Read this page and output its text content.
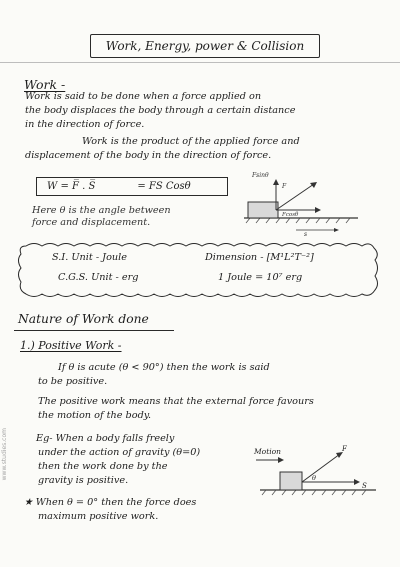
Work, Energy, power & Collision
Work -
Work is said to be done when a force applied on
the body displaces the body through a certain distance
in the direction of force.
Work is the product of the applied force and
displacement of the body in the direction of force.
W = F̅ . S̅	= FS Cosθ
Here θ is the angle between
force and displacement.
Fsinθ
F
Fcosθ
s
S.I. Unit - Joule
C.G.S. Unit - erg
Dimension - [M¹L²T⁻²]
1 Joule = 10⁷ erg
Nature of Work done
1.) Positive Work -
If θ is acute (θ < 90°) then the work is said
to be positive.
The positive work means that the external force favours
the motion of the body.
Eg- When a body falls freely
under the action of gravity (θ=0)
then the work done by the
gravity is positive.
★ When θ = 0° then the force does
maximum positive work.
Motion	F
θ
S
www.studies.com
